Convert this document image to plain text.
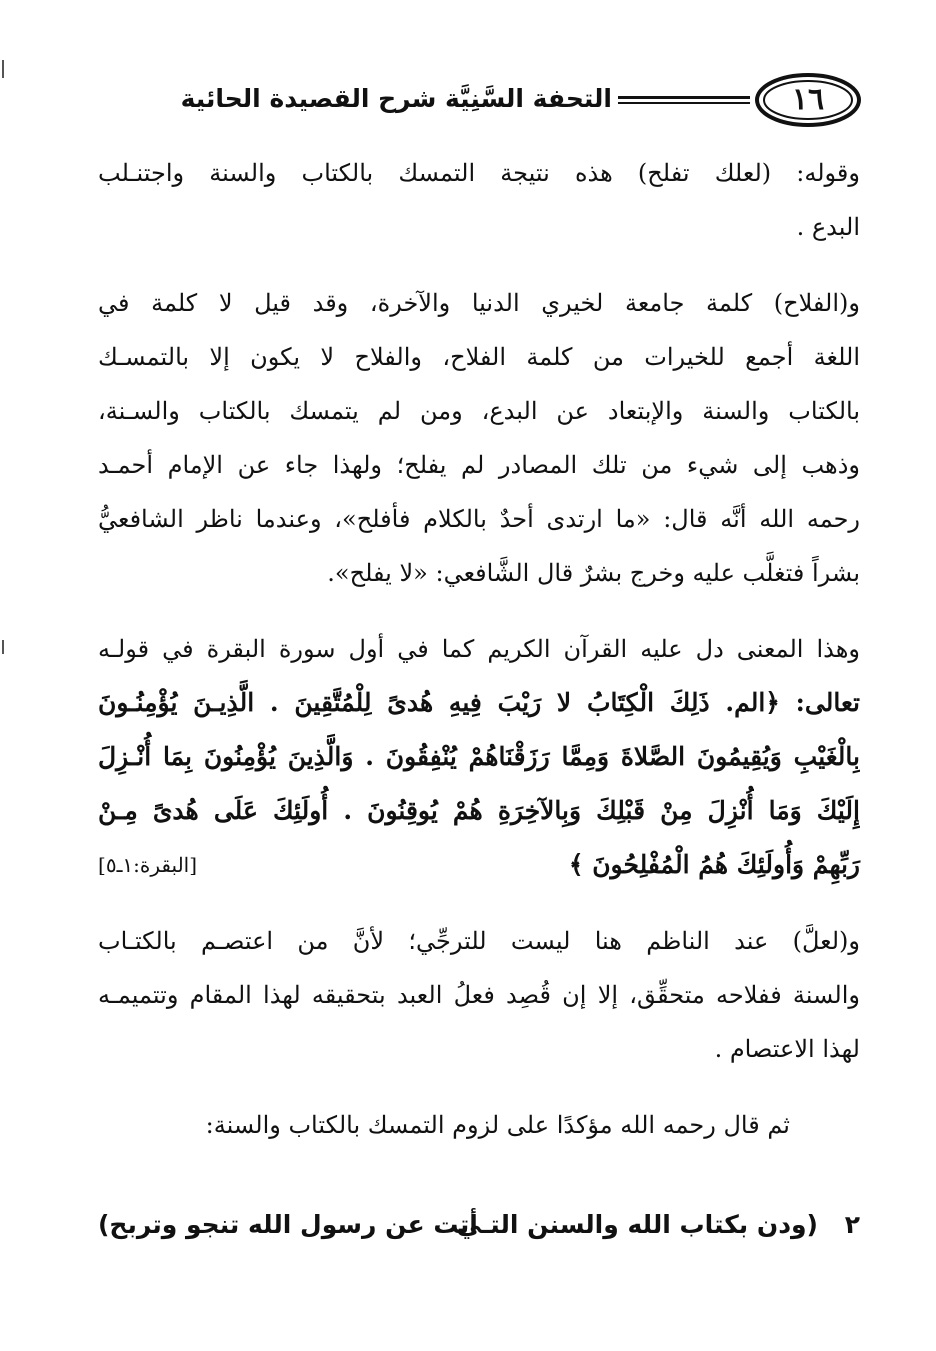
١٦
التحفة السَّنِيَّة شرح القصيدة الحائية
وقوله: (لعلك تفلح) هذه نتيجة التمسك بالكتاب والسنة واجتنـلب
البدع .
و(الفلاح) كلمة جامعة لخيري الدنيا والآخرة، وقد قيل لا كلمة في
اللغة أجمع للخيرات من كلمة الفلاح، والفلاح لا يكون إلا بالتمسـك
بالكتاب والسنة والإبتعاد عن البدع، ومن لم يتمسك بالكتاب والسـنة،
وذهب إلى شيء من تلك المصادر لم يفلح؛ ولهذا جاء عن الإمام أحمـد
رحمه الله أنَّه قال: «ما ارتدى أحدٌ بالكلام فأفلح»، وعندما ناظر الشافعيُّ
بشراً فتغلَّب عليه وخرج بشرٌ قال الشَّافعي: «لا يفلح».
وهذا المعنى دل عليه القرآن الكريم كما في أول سورة البقرة في قولـه
تعالى: ﴿الم. ذَلِكَ الْكِتَابُ لا رَيْبَ فِيهِ هُدىً لِلْمُتَّقِينَ . الَّذِيـنَ يُؤْمِنُـونَ
بِالْغَيْبِ وَيُقِيمُونَ الصَّلاةَ وَمِمَّا رَزَقْنَاهُمْ يُنْفِقُونَ . وَالَّذِينَ يُؤْمِنُونَ بِمَا أُنْـزِلَ
إِلَيْكَ وَمَا أُنْزِلَ مِنْ قَبْلِكَ وَبِالآخِرَةِ هُمْ يُوقِنُونَ . أُولَئِكَ عَلَى هُدىً مِـنْ
رَبِّهِمْ وَأُولَئِكَ هُمُ الْمُفْلِحُونَ ﴾
[البقرة:١ـ٥]
و(لعلَّ) عند الناظم هنا ليست للترجِّي؛ لأنَّ من اعتصـم بالكتـاب
والسنة ففلاحه متحقِّق، إلا إن قُصِد فعلُ العبد بتحقيقه لهذا المقام وتتميمـه
لهذا الاعتصام .
ثم قال رحمه الله مؤكدًا على لزوم التمسك بالكتاب والسنة:
٢
(ودن بكتاب الله والسنن التـي
أتت عن رسول الله تنجو وتربح)
